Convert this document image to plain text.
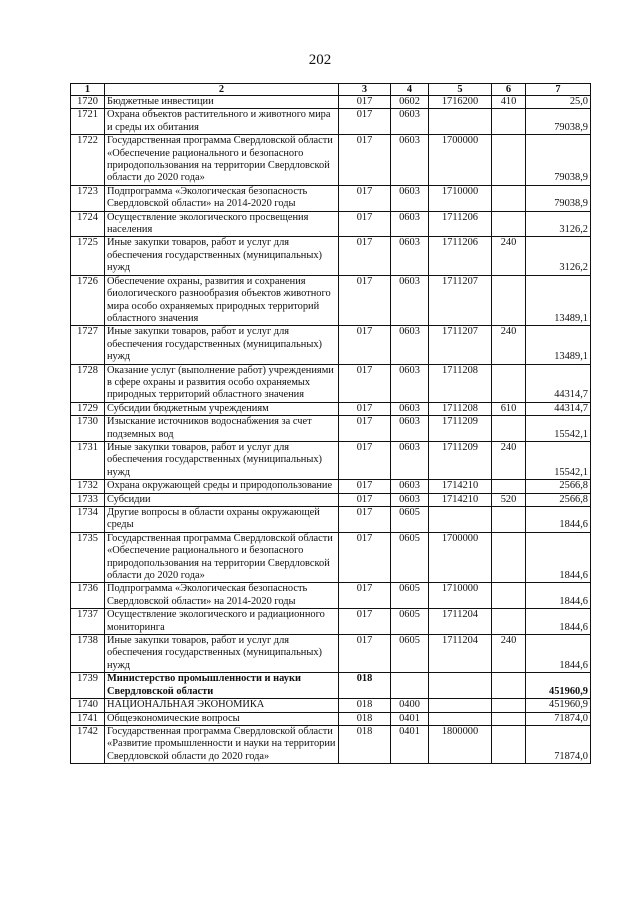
202
1	2	3	4	5	6	7
1720	Бюджетные инвестиции	017	0602	1716200	410	25,0
1721	Охрана объектов растительного и животного мира и среды их обитания	017	0603			79038,9
1722	Государственная программа Свердловской области «Обеспечение рационального и безопасного природопользования на территории Свердловской области до 2020 года»	017	0603	1700000		79038,9
1723	Подпрограмма «Экологическая безопасность Свердловской области» на 2014-2020 годы	017	0603	1710000		79038,9
1724	Осуществление экологического просвещения населения	017	0603	1711206		3126,2
1725	Иные закупки товаров, работ и услуг для обеспечения государственных (муниципальных) нужд	017	0603	1711206	240	3126,2
1726	Обеспечение охраны, развития и сохранения биологического разнообразия объектов животного мира особо охраняемых природных территорий областного значения	017	0603	1711207		13489,1
1727	Иные закупки товаров, работ и услуг для обеспечения государственных (муниципальных) нужд	017	0603	1711207	240	13489,1
1728	Оказание услуг (выполнение работ) учреждениями в сфере охраны и развития особо охраняемых природных территорий областного значения	017	0603	1711208		44314,7
1729	Субсидии бюджетным учреждениям	017	0603	1711208	610	44314,7
1730	Изыскание источников водоснабжения за счет подземных вод	017	0603	1711209		15542,1
1731	Иные закупки товаров, работ и услуг для обеспечения государственных (муниципальных) нужд	017	0603	1711209	240	15542,1
1732	Охрана окружающей среды и природопользование	017	0603	1714210		2566,8
1733	Субсидии	017	0603	1714210	520	2566,8
1734	Другие вопросы в области охраны окружающей среды	017	0605			1844,6
1735	Государственная программа Свердловской области «Обеспечение рационального и безопасного природопользования на территории Свердловской области до 2020 года»	017	0605	1700000		1844,6
1736	Подпрограмма «Экологическая безопасность Свердловской области» на 2014-2020 годы	017	0605	1710000		1844,6
1737	Осуществление экологического и радиационного мониторинга	017	0605	1711204		1844,6
1738	Иные закупки товаров, работ и услуг для обеспечения государственных (муниципальных) нужд	017	0605	1711204	240	1844,6
1739	Министерство промышленности и науки Свердловской области	018				451960,9
1740	НАЦИОНАЛЬНАЯ ЭКОНОМИКА	018	0400			451960,9
1741	Общеэкономические вопросы	018	0401			71874,0
1742	Государственная программа Свердловской области «Развитие промышленности и науки на территории Свердловской области до 2020 года»	018	0401	1800000		71874,0
